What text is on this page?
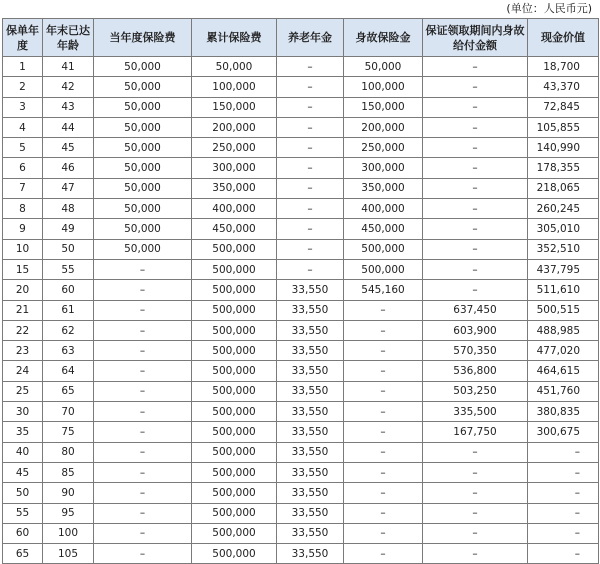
(单位：人民币元)
保单年度	年末已达年龄	当年度保险费	累计保险费	养老年金	身故保险金	保证领取期间内身故给付金额	现金价值
1	41	50,000	50,000	–	50,000	–	18,700
2	42	50,000	100,000	–	100,000	–	43,370
3	43	50,000	150,000	–	150,000	–	72,845
4	44	50,000	200,000	–	200,000	–	105,855
5	45	50,000	250,000	–	250,000	–	140,990
6	46	50,000	300,000	–	300,000	–	178,355
7	47	50,000	350,000	–	350,000	–	218,065
8	48	50,000	400,000	–	400,000	–	260,245
9	49	50,000	450,000	–	450,000	–	305,010
10	50	50,000	500,000	–	500,000	–	352,510
15	55	–	500,000	–	500,000	–	437,795
20	60	–	500,000	33,550	545,160	–	511,610
21	61	–	500,000	33,550	–	637,450	500,515
22	62	–	500,000	33,550	–	603,900	488,985
23	63	–	500,000	33,550	–	570,350	477,020
24	64	–	500,000	33,550	–	536,800	464,615
25	65	–	500,000	33,550	–	503,250	451,760
30	70	–	500,000	33,550	–	335,500	380,835
35	75	–	500,000	33,550	–	167,750	300,675
40	80	–	500,000	33,550	–	–	–
45	85	–	500,000	33,550	–	–	–
50	90	–	500,000	33,550	–	–	–
55	95	–	500,000	33,550	–	–	–
60	100	–	500,000	33,550	–	–	–
65	105	–	500,000	33,550	–	–	–
